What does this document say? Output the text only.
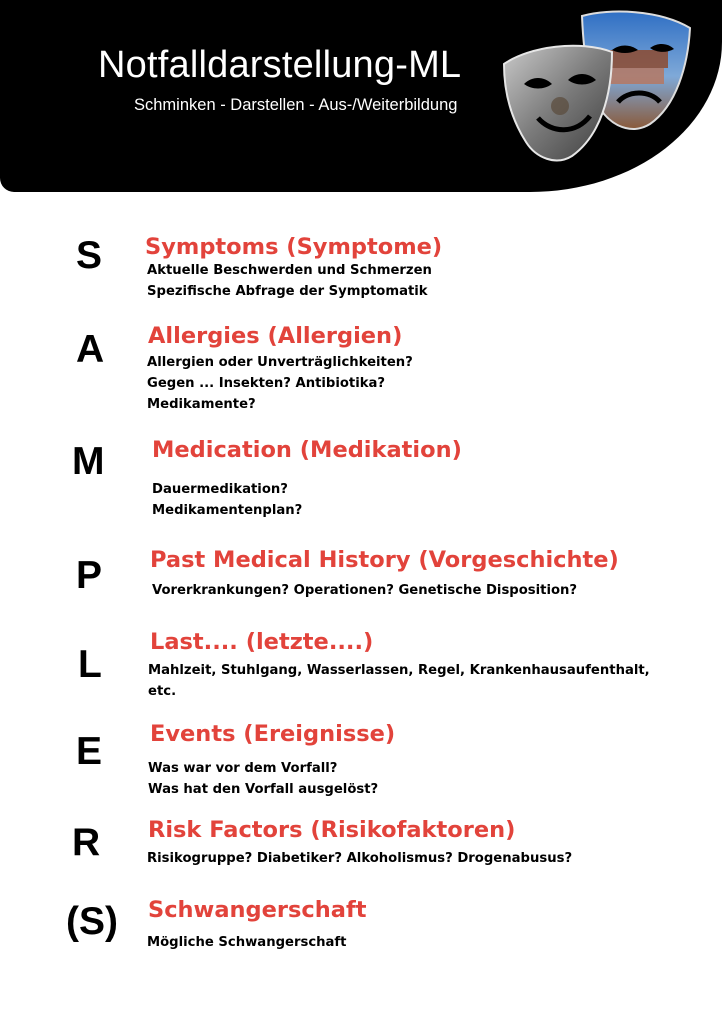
Notfalldarstellung-ML
Schminken - Darstellen - Aus-/Weiterbildung
S Symptoms (Symptome)
Aktuelle Beschwerden und Schmerzen
Spezifische Abfrage der Symptomatik
A Allergies (Allergien)
Allergien oder Unverträglichkeiten?
Gegen ... Insekten? Antibiotika?
Medikamente?
M Medication (Medikation)
Dauermedikation?
Medikamentenplan?
P Past Medical History (Vorgeschichte)
Vorerkrankungen? Operationen? Genetische Disposition?
L
Last.... (letzte....)
Mahlzeit, Stuhlgang, Wasserlassen, Regel, Krankenhausaufenthalt,
etc.
E Events (Ereignisse)
Was war vor dem Vorfall?
Was hat den Vorfall ausgelöst?
R Risk Factors (Risikofaktoren)
Risikogruppe? Diabetiker? Alkoholismus? Drogenabusus?
(S) Schwangerschaft
Mögliche Schwangerschaft
